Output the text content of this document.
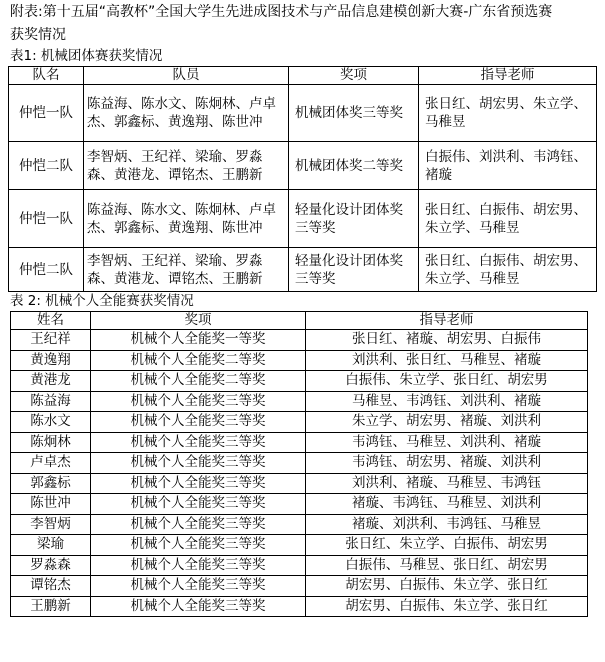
附表:第十五届“高教杯”全国大学生先进成图技术与产品信息建模创新大赛-广东省预选赛
获奖情况
表1: 机械团体赛获奖情况
队名	队员	奖项	指导老师
仲恺一队	陈益海、陈水文、陈炯林、卢卓杰、郭鑫标、黄逸翔、陈世冲	机械团体奖三等奖	张日红、胡宏男、朱立学、马稚昱
仲恺二队	李智炳、王纪祥、梁瑜、罗淼森、黄港龙、谭铭杰、王鹏新	机械团体奖二等奖	白振伟、刘洪利、韦鸿钰、褚璇
仲恺一队	陈益海、陈水文、陈炯林、卢卓杰、郭鑫标、黄逸翔、陈世冲	轻量化设计团体奖三等奖	张日红、白振伟、胡宏男、朱立学、马稚昱
仲恺二队	李智炳、王纪祥、梁瑜、罗淼森、黄港龙、谭铭杰、王鹏新	轻量化设计团体奖三等奖	张日红、白振伟、胡宏男、朱立学、马稚昱
表 2: 机械个人全能赛获奖情况
姓名	奖项	指导老师
王纪祥	机械个人全能奖一等奖	张日红、褚璇、胡宏男、白振伟
黄逸翔	机械个人全能奖二等奖	刘洪利、张日红、马稚昱、褚璇
黄港龙	机械个人全能奖二等奖	白振伟、朱立学、张日红、胡宏男
陈益海	机械个人全能奖三等奖	马稚昱、韦鸿钰、刘洪利、褚璇
陈水文	机械个人全能奖三等奖	朱立学、胡宏男、褚璇、刘洪利
陈炯林	机械个人全能奖三等奖	韦鸿钰、马稚昱、刘洪利、褚璇
卢卓杰	机械个人全能奖三等奖	韦鸿钰、胡宏男、褚璇、刘洪利
郭鑫标	机械个人全能奖三等奖	刘洪利、褚璇、马稚昱、韦鸿钰
陈世冲	机械个人全能奖三等奖	褚璇、韦鸿钰、马稚昱、刘洪利
李智炳	机械个人全能奖三等奖	褚璇、刘洪利、韦鸿钰、马稚昱
梁瑜	机械个人全能奖三等奖	张日红、朱立学、白振伟、胡宏男
罗淼森	机械个人全能奖三等奖	白振伟、马稚昱、张日红、胡宏男
谭铭杰	机械个人全能奖三等奖	胡宏男、白振伟、朱立学、张日红
王鹏新	机械个人全能奖三等奖	胡宏男、白振伟、朱立学、张日红
